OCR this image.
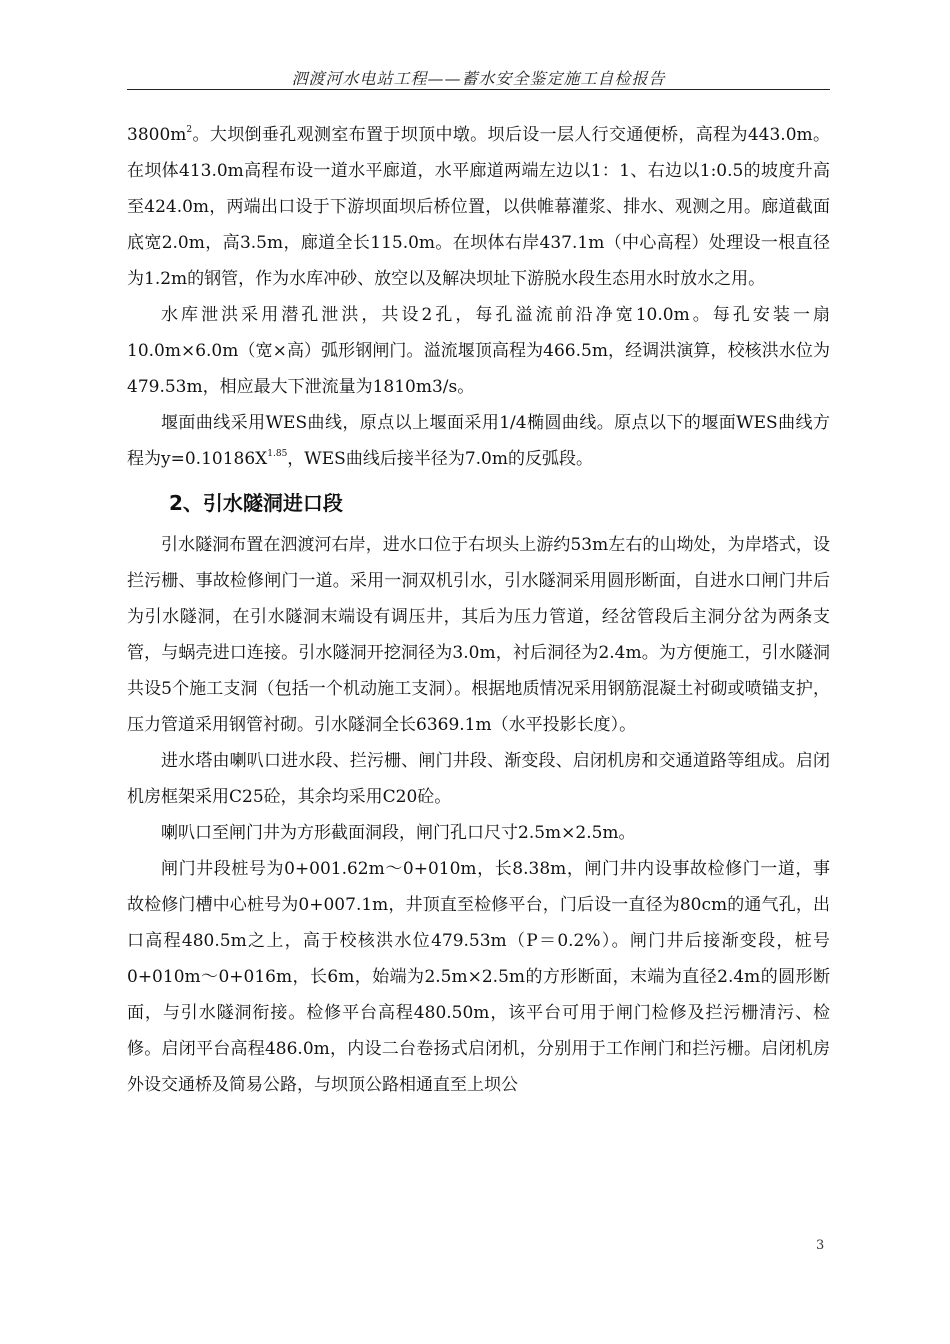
泗渡河水电站工程——蓄水安全鉴定施工自检报告

$3800m^2$。大坝倒垂孔观测室布置于坝顶中墩。坝后设一层人行交通便桥，高程为443.0m。在坝体413.0m高程布设一道水平廊道，水平廊道两端左边以1：1、右边以1:0.5的坡度升高至424.0m，两端出口设于下游坝面坝后桥位置，以供帷幕灌浆、排水、观测之用。廊道截面底宽2.0m，高3.5m，廊道全长115.0m。在坝体右岸437.1m（中心高程）处理设一根直径为1.2m的钢管，作为水库冲砂、放空以及解决坝址下游脱水段生态用水时放水之用。

水库泄洪采用潜孔泄洪，共设2孔，每孔溢流前沿净宽10.0m。每孔安装一扇10.0m×6.0m（宽×高）弧形钢闸门。溢流堰顶高程为466.5m，经调洪演算，校核洪水位为479.53m，相应最大下泄流量为1810m3/s。

堰面曲线采用WES曲线，原点以上堰面采用1/4椭圆曲线。原点以下的堰面WES曲线方程为$y=0.10186X^{1.85}$，WES曲线后接半径为7.0m的反弧段。

2、引水隧洞进口段

引水隧洞布置在泗渡河右岸，进水口位于右坝头上游约53m左右的山坳处，为岸塔式，设拦污栅、事故检修闸门一道。采用一洞双机引水，引水隧洞采用圆形断面，自进水口闸门井后为引水隧洞，在引水隧洞末端设有调压井，其后为压力管道，经岔管段后主洞分岔为两条支管，与蜗壳进口连接。引水隧洞开挖洞径为3.0m，衬后洞径为2.4m。为方便施工，引水隧洞共设5个施工支洞（包括一个机动施工支洞）。根据地质情况采用钢筋混凝土衬砌或喷锚支护，压力管道采用钢管衬砌。引水隧洞全长6369.1m（水平投影长度）。

进水塔由喇叭口进水段、拦污栅、闸门井段、渐变段、启闭机房和交通道路等组成。启闭机房框架采用C25砼，其余均采用C20砼。

喇叭口至闸门井为方形截面洞段，闸门孔口尺寸2.5m×2.5m。

闸门井段桩号为0+001.62m～0+010m，长8.38m，闸门井内设事故检修门一道，事故检修门槽中心桩号为0+007.1m，井顶直至检修平台，门后设一直径为80cm的通气孔，出口高程480.5m之上，高于校核洪水位479.53m（P＝0.2%）。闸门井后接渐变段，桩号0+010m～0+016m，长6m，始端为2.5m×2.5m的方形断面，末端为直径2.4m的圆形断面，与引水隧洞衔接。检修平台高程480.50m，该平台可用于闸门检修及拦污栅清污、检修。启闭平台高程486.0m，内设二台卷扬式启闭机，分别用于工作闸门和拦污栅。启闭机房外设交通桥及简易公路，与坝顶公路相通直至上坝公

3
